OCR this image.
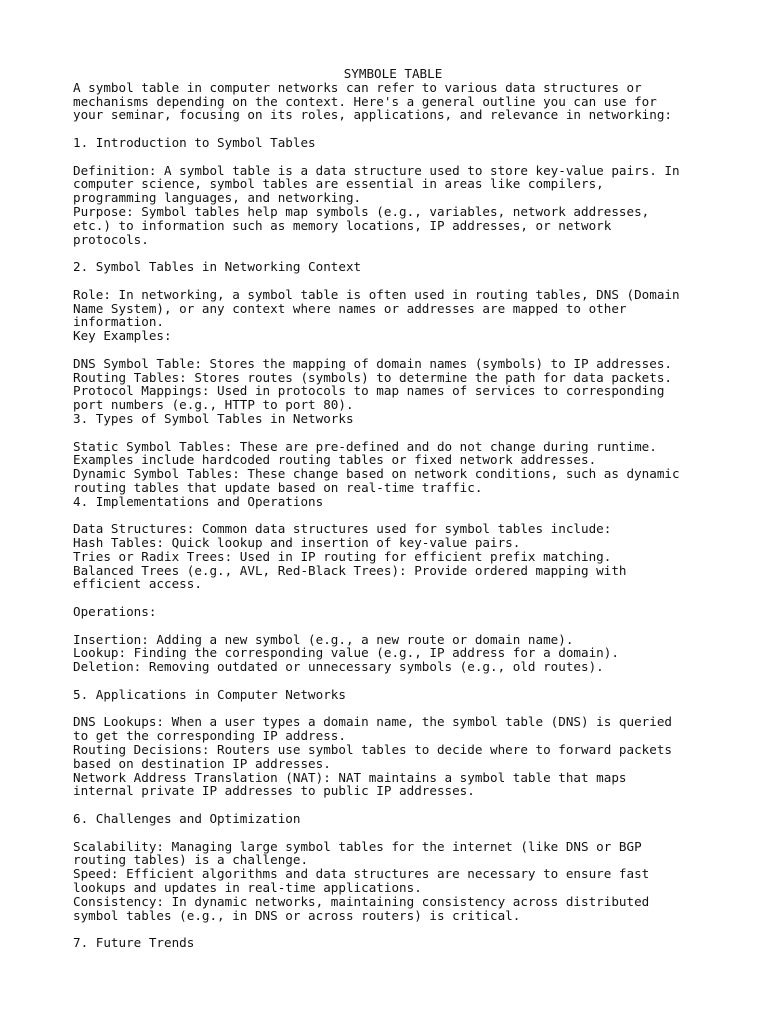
SYMBOLE TABLE
A symbol table in computer networks can refer to various data structures or
mechanisms depending on the context. Here's a general outline you can use for
your seminar, focusing on its roles, applications, and relevance in networking:
1. Introduction to Symbol Tables
Definition: A symbol table is a data structure used to store key-value pairs. In
computer science, symbol tables are essential in areas like compilers,
programming languages, and networking.
Purpose: Symbol tables help map symbols (e.g., variables, network addresses,
etc.) to information such as memory locations, IP addresses, or network
protocols.
2. Symbol Tables in Networking Context
Role: In networking, a symbol table is often used in routing tables, DNS (Domain
Name System), or any context where names or addresses are mapped to other
information.
Key Examples:
DNS Symbol Table: Stores the mapping of domain names (symbols) to IP addresses.
Routing Tables: Stores routes (symbols) to determine the path for data packets.
Protocol Mappings: Used in protocols to map names of services to corresponding
port numbers (e.g., HTTP to port 80).
3. Types of Symbol Tables in Networks
Static Symbol Tables: These are pre-defined and do not change during runtime.
Examples include hardcoded routing tables or fixed network addresses.
Dynamic Symbol Tables: These change based on network conditions, such as dynamic
routing tables that update based on real-time traffic.
4. Implementations and Operations
Data Structures: Common data structures used for symbol tables include:
Hash Tables: Quick lookup and insertion of key-value pairs.
Tries or Radix Trees: Used in IP routing for efficient prefix matching.
Balanced Trees (e.g., AVL, Red-Black Trees): Provide ordered mapping with
efficient access.
Operations:
Insertion: Adding a new symbol (e.g., a new route or domain name).
Lookup: Finding the corresponding value (e.g., IP address for a domain).
Deletion: Removing outdated or unnecessary symbols (e.g., old routes).
5. Applications in Computer Networks
DNS Lookups: When a user types a domain name, the symbol table (DNS) is queried
to get the corresponding IP address.
Routing Decisions: Routers use symbol tables to decide where to forward packets
based on destination IP addresses.
Network Address Translation (NAT): NAT maintains a symbol table that maps
internal private IP addresses to public IP addresses.
6. Challenges and Optimization
Scalability: Managing large symbol tables for the internet (like DNS or BGP
routing tables) is a challenge.
Speed: Efficient algorithms and data structures are necessary to ensure fast
lookups and updates in real-time applications.
Consistency: In dynamic networks, maintaining consistency across distributed
symbol tables (e.g., in DNS or across routers) is critical.
7. Future Trends
